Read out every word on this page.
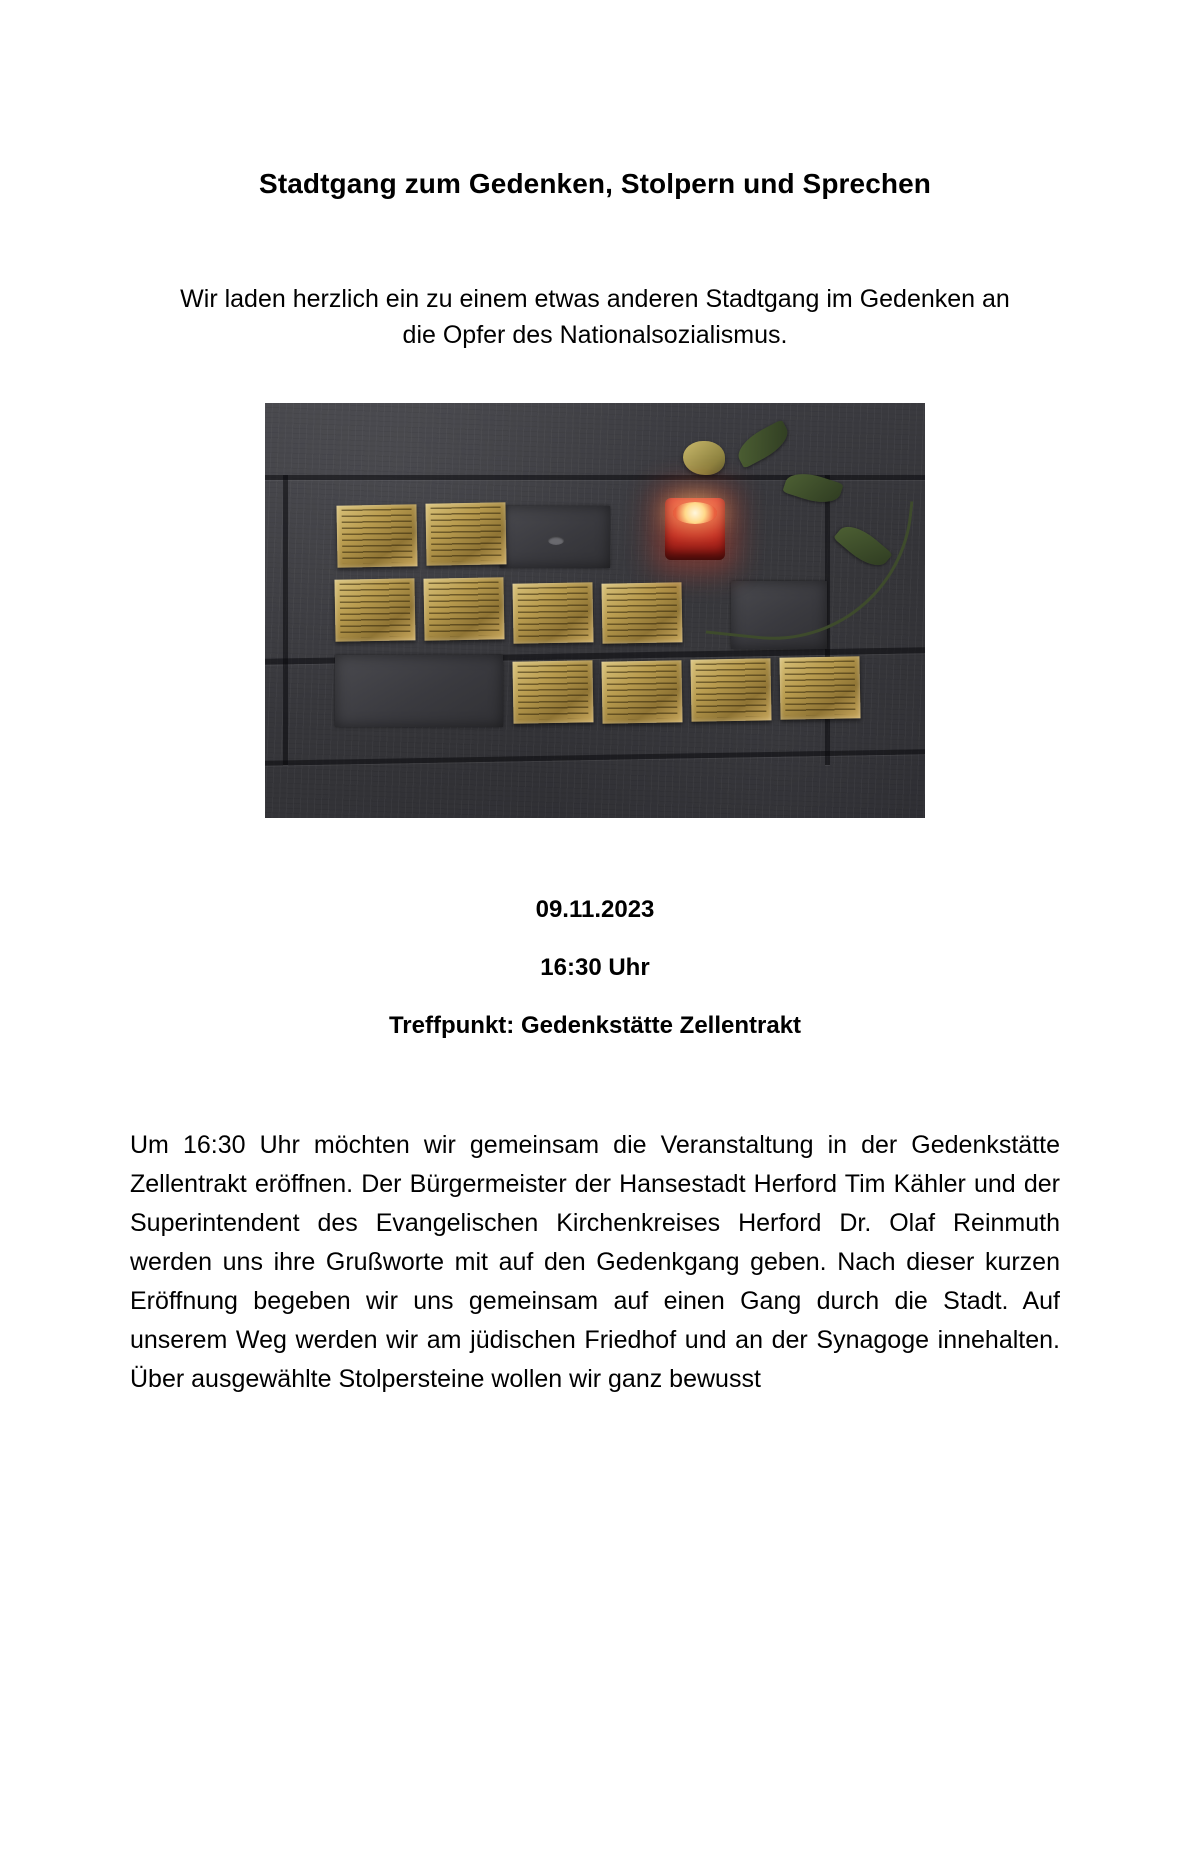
Stadtgang zum Gedenken, Stolpern und Sprechen

Wir laden herzlich ein zu einem etwas anderen Stadtgang im Gedenken an die Opfer des Nationalsozialismus.

09.11.2023
16:30 Uhr
Treffpunkt: Gedenkstätte Zellentrakt

Um 16:30 Uhr möchten wir gemeinsam die Veranstaltung in der Gedenkstätte Zellentrakt eröffnen. Der Bürgermeister der Hansestadt Herford Tim Kähler und der Superintendent des Evangelischen Kirchenkreises Herford Dr. Olaf Reinmuth werden uns ihre Grußworte mit auf den Gedenkgang geben. Nach dieser kurzen Eröffnung begeben wir uns gemeinsam auf einen Gang durch die Stadt. Auf unserem Weg werden wir am jüdischen Friedhof und an der Synagoge innehalten. Über ausgewählte Stolpersteine wollen wir ganz bewusst
